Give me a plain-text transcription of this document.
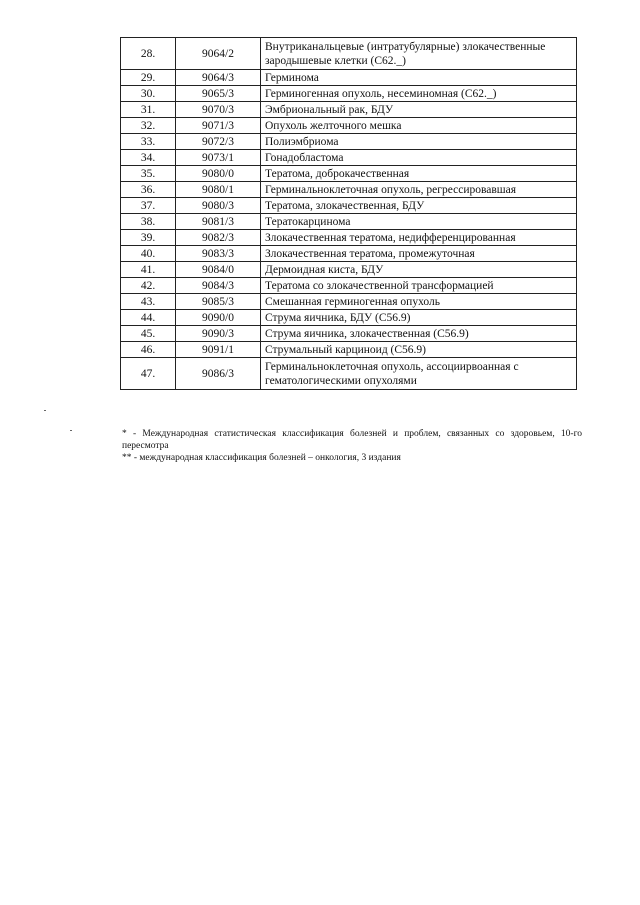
28.	9064/2	Внутриканальцевые (интратубулярные) злокачественные зародышевые клетки (С62._)
29.	9064/3	Герминома
30.	9065/3	Герминогенная опухоль, несеминомная (С62._)
31.	9070/3	Эмбриональный рак, БДУ
32.	9071/3	Опухоль желточного мешка
33.	9072/3	Полиэмбриома
34.	9073/1	Гонадобластома
35.	9080/0	Тератома, доброкачественная
36.	9080/1	Герминальноклеточная опухоль, регрессировавшая
37.	9080/3	Тератома, злокачественная, БДУ
38.	9081/3	Тератокарцинома
39.	9082/3	Злокачественная тератома, недифференцированная
40.	9083/3	Злокачественная тератома, промежуточная
41.	9084/0	Дермоидная киста, БДУ
42.	9084/3	Тератома со злокачественной трансформацией
43.	9085/3	Смешанная герминогенная опухоль
44.	9090/0	Струма яичника, БДУ (С56.9)
45.	9090/3	Струма яичника, злокачественная (С56.9)
46.	9091/1	Струмальный карциноид (С56.9)
47.	9086/3	Герминальноклеточная опухоль, ассоциирвоанная с гематологическими опухолями

* - Международная статистическая классификация болезней и проблем, связанных со здоровьем, 10-го пересмотра

** - международная классификация болезней – онкология, 3 издания
